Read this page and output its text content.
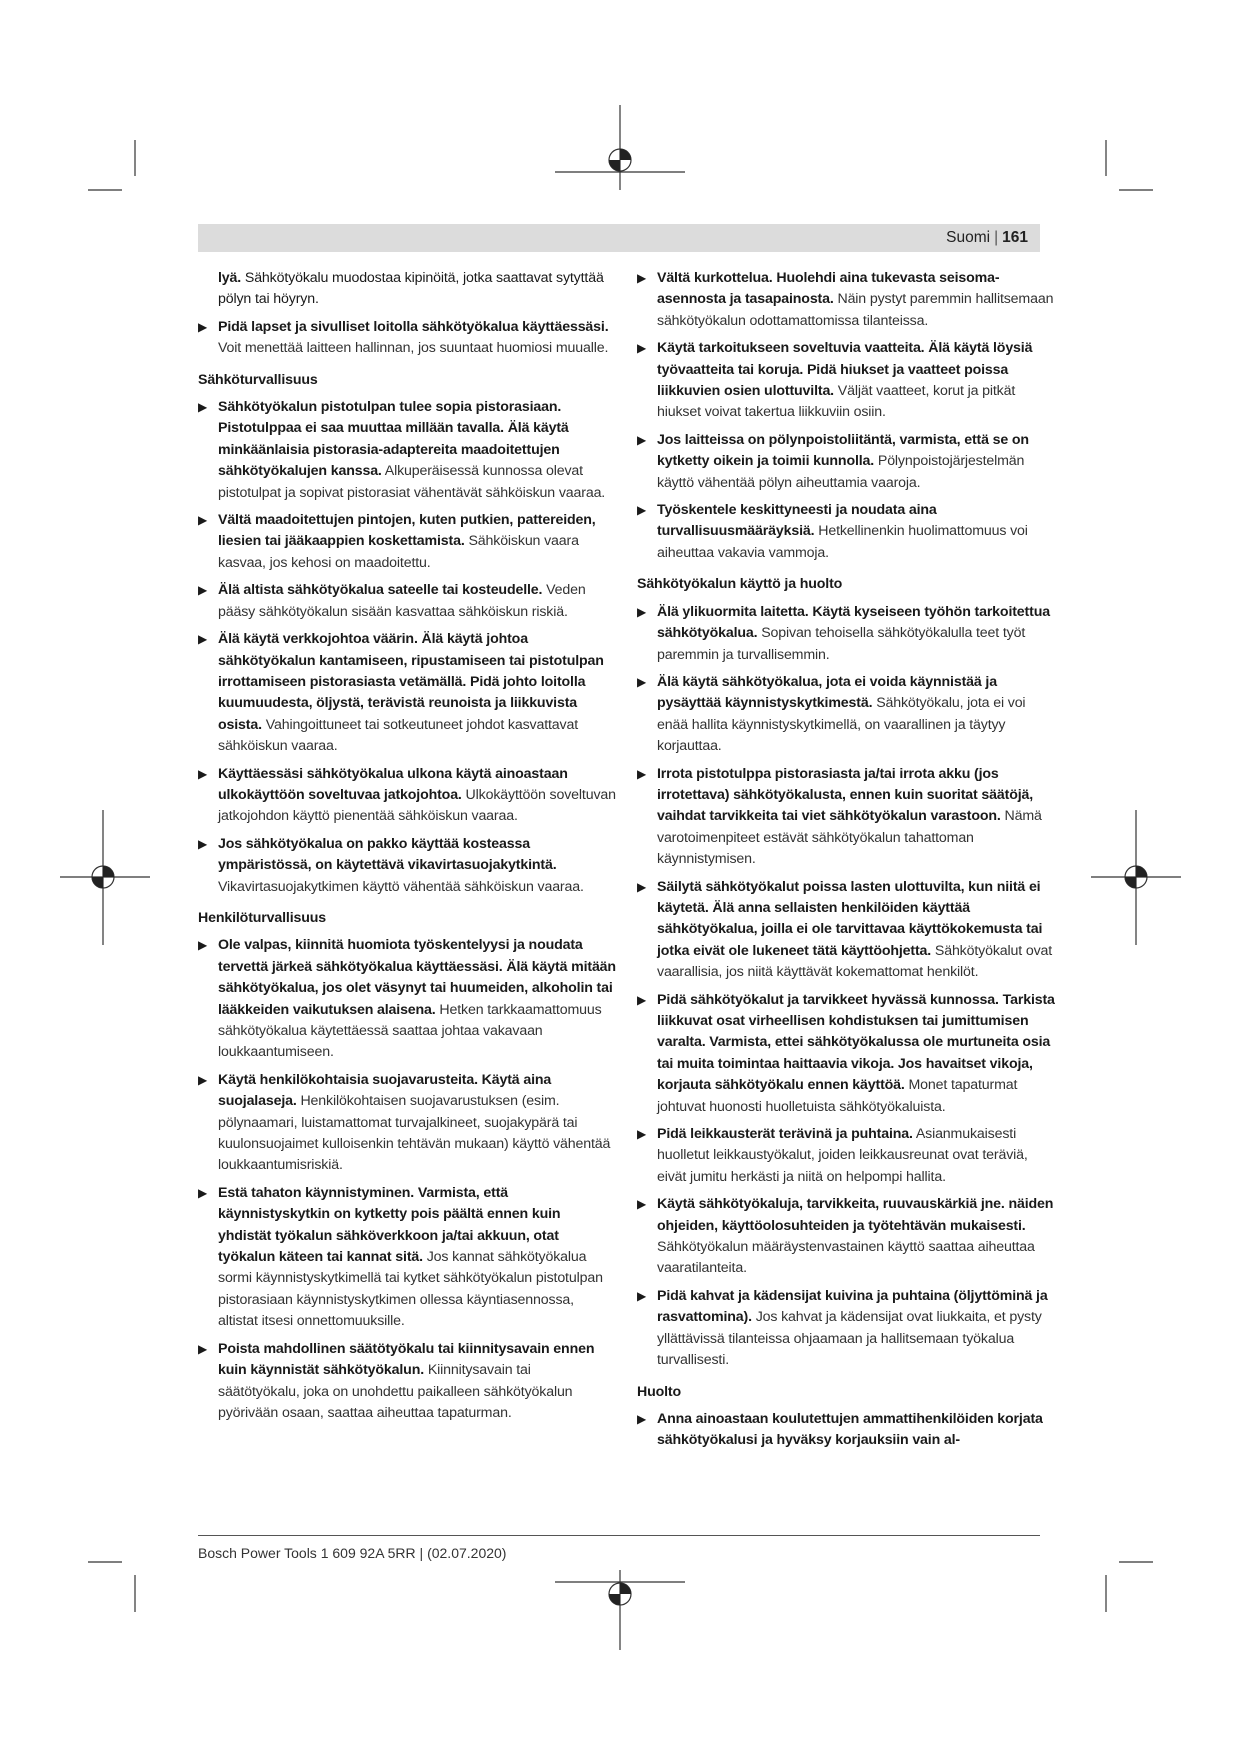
Suomi | 161

lyä. Sähkötyökalu muodostaa kipinöitä, jotka saattavat sytyttää pölyn tai höyryn.

▶ Pidä lapset ja sivulliset loitolla sähkötyökalua käyttäessäsi. Voit menettää laitteen hallinnan, jos suuntaat huomiosi muualle.
Sähköturvallisuus
▶ Sähkötyökalun pistotulpan tulee sopia pistorasiaan. Pistotulppaa ei saa muuttaa millään tavalla. Älä käytä minkäänlaisia pistorasia-adaptereita maadoitettujen sähkötyökalujen kanssa. Alkuperäisessä kunnossa olevat pistotulpat ja sopivat pistorasiat vähentävät sähköiskun vaaraa.
▶ Vältä maadoitettujen pintojen, kuten putkien, pattereiden, liesien tai jääkaappien koskettamista. Sähköiskun vaara kasvaa, jos kehosi on maadoitettu.
▶ Älä altista sähkötyökalua sateelle tai kosteudelle. Veden pääsy sähkötyökalun sisään kasvattaa sähköiskun riskiä.
▶ Älä käytä verkkojohtoa väärin. Älä käytä johtoa sähkötyökalun kantamiseen, ripustamiseen tai pistotulpan irrottamiseen pistorasiasta vetämällä. Pidä johto loitolla kuumuudesta, öljystä, terävistä reunoista ja liikkuvista osista. Vahingoittuneet tai sotkeutuneet johdot kasvattavat sähköiskun vaaraa.
▶ Käyttäessäsi sähkötyökalua ulkona käytä ainoastaan ulkokäyttöön soveltuvaa jatkojohtoa. Ulkokäyttöön soveltuvan jatkojohdon käyttö pienentää sähköiskun vaaraa.
▶ Jos sähkötyökalua on pakko käyttää kosteassa ympäristössä, on käytettävä vikavirtasuojakytkintä. Vikavirtasuojakytkimen käyttö vähentää sähköiskun vaaraa.
Henkilöturvallisuus
▶ Ole valpas, kiinnitä huomiota työskentelyysi ja noudata tervettä järkeä sähkötyökalua käyttäessäsi. Älä käytä mitään sähkötyökalua, jos olet väsynyt tai huumeiden, alkoholin tai lääkkeiden vaikutuksen alaisena. Hetken tarkkaamattomuus sähkötyökalua käytettäessä saattaa johtaa vakavaan loukkaantumiseen.
▶ Käytä henkilökohtaisia suojavarusteita. Käytä aina suojalaseja. Henkilökohtaisen suojavarustuksen (esim. pölynaamari, luistamattomat turvajalkineet, suojakypärä tai kuulonsuojaimet kulloisenkin tehtävän mukaan) käyttö vähentää loukkaantumisriskiä.
▶ Estä tahaton käynnistyminen. Varmista, että käynnistyskytkin on kytketty pois päältä ennen kuin yhdistät työkalun sähköverkkoon ja/tai akkuun, otat työkalun käteen tai kannat sitä. Jos kannat sähkötyökalua sormi käynnistyskytkimellä tai kytket sähkötyökalun pistotulpan pistorasiaan käynnistyskytkimen ollessa käyntiasennossa, altistat itsesi onnettomuuksille.
▶ Poista mahdollinen säätötyökalu tai kiinnitysavain ennen kuin käynnistät sähkötyökalun. Kiinnitysavain tai säätötyökalu, joka on unohdettu paikalleen sähkötyökalun pyörivään osaan, saattaa aiheuttaa tapaturman.
▶ Vältä kurkottelua. Huolehdi aina tukevasta seisoma-asennosta ja tasapainosta. Näin pystyt paremmin hallitsemaan sähkötyökalun odottamattomissa tilanteissa.
▶ Käytä tarkoitukseen soveltuvia vaatteita. Älä käytä löysiä työvaatteita tai koruja. Pidä hiukset ja vaatteet poissa liikkuvien osien ulottuvilta. Väljät vaatteet, korut ja pitkät hiukset voivat takertua liikkuviin osiin.
▶ Jos laitteissa on pölynpoistoliitäntä, varmista, että se on kytketty oikein ja toimii kunnolla. Pölynpoistojärjestelmän käyttö vähentää pölyn aiheuttamia vaaroja.
▶ Työskentele keskittyneesti ja noudata aina turvallisuusmääräyksiä. Hetkellinenkin huolimattomuus voi aiheuttaa vakavia vammoja.
Sähkötyökalun käyttö ja huolto
▶ Älä ylikuormita laitetta. Käytä kyseiseen työhön tarkoitettua sähkötyökalua. Sopivan tehoisella sähkötyökalulla teet työt paremmin ja turvallisemmin.
▶ Älä käytä sähkötyökalua, jota ei voida käynnistää ja pysäyttää käynnistyskytkimestä. Sähkötyökalu, jota ei voi enää hallita käynnistyskytkimellä, on vaarallinen ja täytyy korjauttaa.
▶ Irrota pistotulppa pistorasiasta ja/tai irrota akku (jos irrotettava) sähkötyökalusta, ennen kuin suoritat säätöjä, vaihdat tarvikkeita tai viet sähkötyökalun varastoon. Nämä varotoimenpiteet estävät sähkötyökalun tahattoman käynnistymisen.
▶ Säilytä sähkötyökalut poissa lasten ulottuvilta, kun niitä ei käytetä. Älä anna sellaisten henkilöiden käyttää sähkötyökalua, joilla ei ole tarvittavaa käyttökokemusta tai jotka eivät ole lukeneet tätä käyttöohjetta. Sähkötyökalut ovat vaarallisia, jos niitä käyttävät kokemattomat henkilöt.
▶ Pidä sähkötyökalut ja tarvikkeet hyvässä kunnossa. Tarkista liikkuvat osat virheellisen kohdistuksen tai jumittumisen varalta. Varmista, ettei sähkötyökalussa ole murtuneita osia tai muita toimintaa haittaavia vikoja. Jos havaitset vikoja, korjauta sähkötyökalu ennen käyttöä. Monet tapaturmat johtuvat huonosti huolletuista sähkötyökaluista.
▶ Pidä leikkausterät terävinä ja puhtaina. Asianmukaisesti huolletut leikkaustyökalut, joiden leikkausreunat ovat teräviä, eivät jumitu herkästi ja niitä on helpompi hallita.
▶ Käytä sähkötyökaluja, tarvikkeita, ruuvauskärkiä jne. näiden ohjeiden, käyttöolosuhteiden ja työtehtävän mukaisesti. Sähkötyökalun määräystenvastainen käyttö saattaa aiheuttaa vaaratilanteita.
▶ Pidä kahvat ja kädensijat kuivina ja puhtaina (öljyttöminä ja rasvattomina). Jos kahvat ja kädensijat ovat liukkaita, et pysty yllättävissä tilanteissa ohjaamaan ja hallitsemaan työkalua turvallisesti.
Huolto
▶ Anna ainoastaan koulutettujen ammattihenkilöiden korjata sähkötyökalusi ja hyväksy korjauksiin vain al-
Bosch Power Tools 1 609 92A 5RR | (02.07.2020)
